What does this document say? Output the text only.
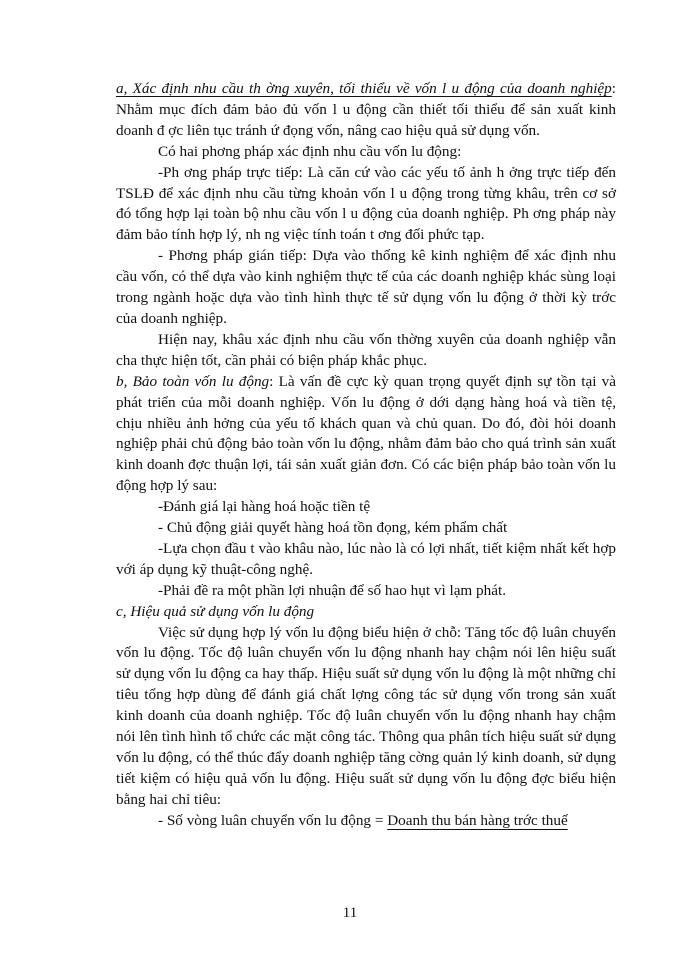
a, Xác định nhu cầu th ờng xuyên, tối thiểu về vốn l u động của doanh nghiệp: Nhằm mục đích đảm bảo đủ vốn l u động cần thiết tối thiểu để sản xuất kinh doanh đ ợc liên tục tránh ứ đọng vốn, nâng cao hiệu quả sử dụng vốn.

Có hai phơng pháp xác định nhu cầu vốn lu động:

-Ph ơng pháp trực tiếp: Là căn cứ vào các yếu tố ảnh h ởng trực tiếp đến TSLĐ để xác định nhu cầu từng khoản vốn l u động trong từng khâu, trên cơ sở đó tổng hợp lại toàn bộ nhu cầu vốn l u động của doanh nghiệp. Ph ơng pháp này đảm bảo tính hợp lý, nh ng việc tính toán t ơng đối phức tạp.

- Phơng pháp gián tiếp: Dựa vào thống kê kinh nghiệm để xác định nhu cầu vốn, có thể dựa vào kinh nghiệm thực tế của các doanh nghiệp khác sùng loại trong ngành hoặc dựa vào tình hình thực tế sử dụng vốn lu động ở thời kỳ trớc của doanh nghiệp.

Hiện nay, khâu xác định nhu cầu vốn thờng xuyên của doanh nghiệp vẫn cha thực hiện tốt, cần phải có biện pháp khắc phục.

b, Bảo toàn vốn lu động: Là vấn đề cực kỳ quan trọng quyết định sự tồn tại và phát triển của mỗi doanh nghiệp. Vốn lu động ở dới dạng hàng hoá và tiền tệ, chịu nhiều ảnh hởng của yếu tố khách quan và chủ quan. Do đó, đòi hỏi doanh nghiệp phải chủ động bảo toàn vốn lu động, nhằm đảm bảo cho quá trình sản xuất kinh doanh đợc thuận lợi, tái sản xuất giản đơn. Có các biện pháp bảo toàn vốn lu động hợp lý sau:

-Đánh giá lại hàng hoá hoặc tiền tệ

- Chủ động giải quyết hàng hoá tồn đọng, kém phẩm chất

-Lựa chọn đầu t vào khâu nào, lúc nào là có lợi nhất, tiết kiệm nhất kết hợp với áp dụng kỹ thuật-công nghệ.

-Phải đề ra một phần lợi nhuận để số hao hụt vì lạm phát.

c, Hiệu quả sử dụng vốn lu động

Việc sử dụng hợp lý vốn lu động biểu hiện ở chỗ: Tăng tốc độ luân chuyển vốn lu động. Tốc độ luân chuyển vốn lu động nhanh hay chậm nói lên hiệu suất sử dụng vốn lu động ca hay thấp. Hiệu suất sử dụng vốn lu động là một những chỉ tiêu tổng hợp dùng để đánh giá chất lợng công tác sử dụng vốn trong sản xuất kinh doanh của doanh nghiệp. Tốc độ luân chuyển vốn lu động nhanh hay chậm nói lên tình hình tổ chức các mặt công tác. Thông qua phân tích hiệu suất sử dụng vốn lu động, có thể thúc đẩy doanh nghiệp tăng cờng quản lý kinh doanh, sử dụng tiết kiệm có hiệu quả vốn lu động. Hiệu suất sử dụng vốn lu động đợc biểu hiện bằng hai chỉ tiêu:

- Số vòng luân chuyển vốn lu động = Doanh thu bán hàng trớc thuế

11
